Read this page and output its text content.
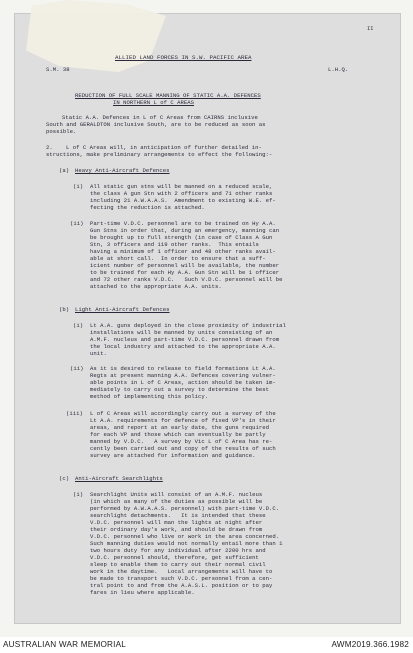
II
ALLIED LAND FORCES IN S.W. PACIFIC AREA
S.M. 38	L.H.Q.
REDUCTION OF FULL SCALE MANNING OF STATIC A.A. DEFENCES
IN NORTHERN L of C AREAS
Static A.A. Defences in L of C Areas from CAIRNS inclusive
South and GERALDTON inclusive South, are to be reduced as soon as
possible.
2. L of C Areas will, in anticipation of further detailed in-
structions, make preliminary arrangements to effect the following:-
(a) Heavy Anti-Aircraft Defences
(i) All static gun stns will be manned on a reduced scale,
the class A gun Stn with 2 officers and 71 other ranks
including 21 A.W.A.A.S.  Amendment to existing W.E. ef-
fecting the reduction is attached.
(ii) Part-time V.D.C. personnel are to be trained on Hy A.A.
Gun Stns in order that, during an emergency, manning can
be brought up to full strength (in case of Class A Gun
Stn, 3 officers and 119 other ranks.  This entails
having a minimum of 1 officer and 48 other ranks avail-
able at short call.  In order to ensure that a suff-
icient number of personnel will be available, the number
to be trained for each Hy A.A. Gun Stn will be 1 officer
and 72 other ranks V.D.C.   Such V.D.C. personnel will be
attached to the appropriate A.A. units.
(b) Light Anti-Aircraft Defences
(i) Lt A.A. guns deployed in the close proximity of industrial
installations will be manned by units consisting of an
A.M.F. nucleus and part-time V.D.C. personnel drawn from
the local industry and attached to the appropriate A.A.
unit.
(ii) As it is desired to release to field formations Lt A.A.
Regts at present manning A.A. Defences covering vulner-
able points in L of C Areas, action should be taken im-
mediately to carry out a survey to determine the best
method of implementing this policy.
(iii) L of C Areas will accordingly carry out a survey of the
Lt A.A. requirements for defence of fixed VP's in their
areas, and report at an early date, the guns required
for each VP and those which can eventually be partly
manned by V.D.C.   A survey by Vic L of C Area has re-
cently been carried out and copy of the results of such
survey are attached for information and guidance.
(c) Anti-Aircraft Searchlights
(i) Searchlight Units will consist of an A.M.F. nucleus
(in which as many of the duties as possible will be
performed by A.W.A.A.S. personnel) with part-time V.D.C.
searchlight detachments.   It is intended that these
V.D.C. personnel will man the lights at night after
their ordinary day's work, and should be drawn from
V.D.C. personnel who live or work in the area concerned.
Such manning duties would not normally entail more than 1
two hours duty for any individual after 2200 hrs and
V.D.C. personnel should, therefore, get sufficient
sleep to enable them to carry out their normal civil
work in the daytime.   Local arrangements will have to
be made to transport such V.D.C. personnel from a cen-
tral point to and from the A.A.S.L. position or to pay
fares in lieu where applicable.
AUSTRALIAN WAR MEMORIAL	AWM2019.366.1982
